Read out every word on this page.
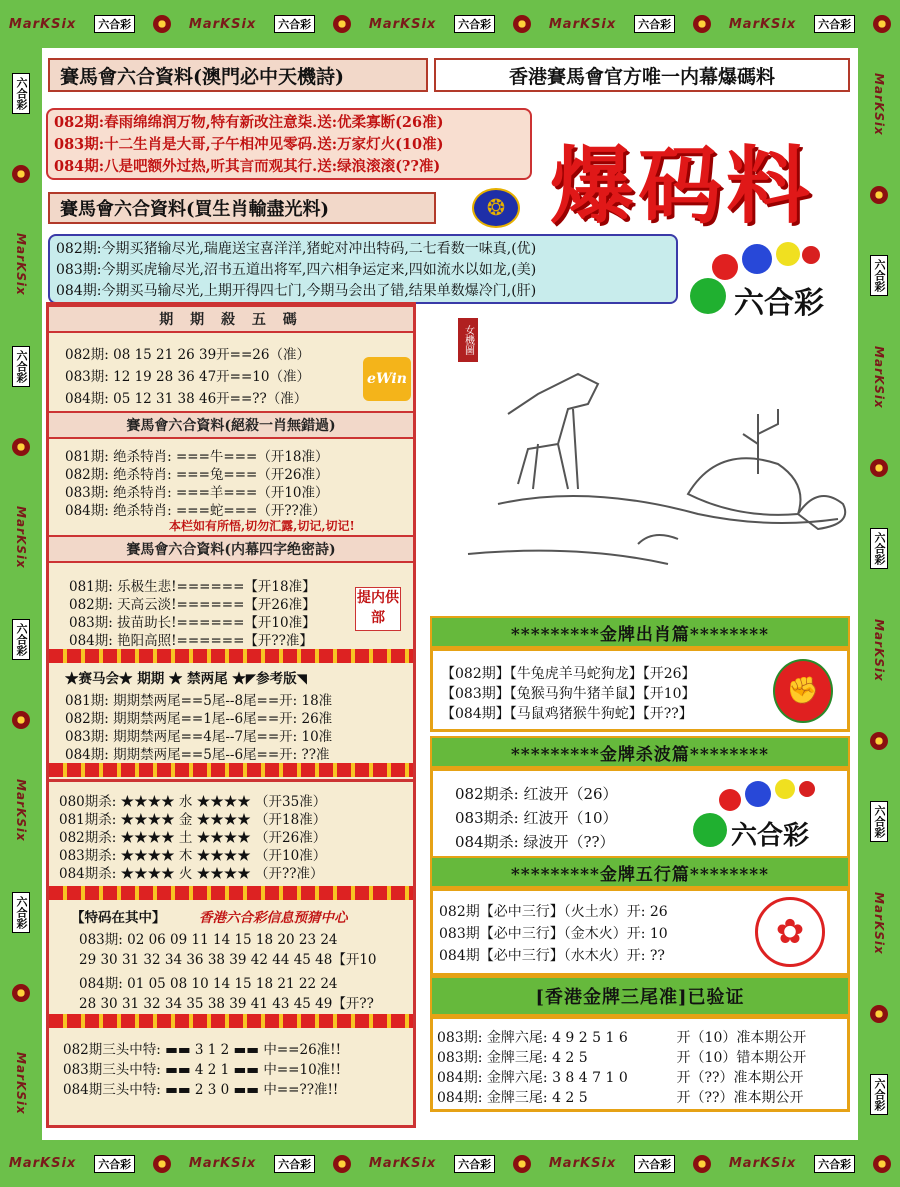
MarKSix	六合彩	MarKSix	六合彩	MarKSix	六合彩	MarKSix	六合彩	MarKSix	六合彩
MarKSix	六合彩	MarKSix	六合彩	MarKSix	六合彩	MarKSix	六合彩	MarKSix	六合彩
六合彩
MarKSix
六合彩
MarKSix
六合彩
MarKSix
六合彩
MarKSix
MarKSix
六合彩
MarKSix
六合彩
MarKSix
六合彩
MarKSix
六合彩
賽馬會六合資料(澳門必中天機詩)	香港賽馬會官方唯一内幕爆碼料
082期:春雨绵绵润万物,特有新改注意柒.送:优柔寡断(26准)
083期:十二生肖是大哥,子午相冲见零码.送:万家灯火(10准)
084期:八是吧额外过热,听其言而观其行.送:绿浪滚滚(??准)
賽馬會六合資料(買生肖輸盡光料)	❂ 爆码料
082期:今期买猪输尽光,瑞鹿送宝喜洋洋,猪蛇对冲出特码,二七看数一味真,(优)
083期:今期买虎输尽光,沼书五道出将军,四六相争运定来,四如流水以如龙,(美)
084期:今期买马输尽光,上期开得四七门,今期马会出了错,结果单数爆冷门,(肝)	六合彩
期 期 殺 五 碼
082期: 08 15 21 26 39开==26（准）
083期: 12 19 28 36 47开==10（准）
084期: 05 12 31 38 46开==??（准）
eWin
賽馬會六合資料(絕殺一肖無錯過)
081期: 绝杀特肖: ===牛===（开18准）
082期: 绝杀特肖: ===兔===（开26准）
083期: 绝杀特肖: ===羊===（开10准）
084期: 绝杀特肖: ===蛇===（开??准）
本栏如有所悟,切勿汇露,切记,切记!
賽馬會六合資料(内幕四字绝密詩)
081期: 乐极生悲!======【开18准】
082期: 天高云淡!======【开26准】
083期: 拔苗助长!======【开10准】
084期: 艳阳高照!======【开??准】
提内供部
★赛马会★ 期期 ★ 禁两尾 ★◤参考版◥
081期: 期期禁两尾==5尾--8尾==开: 18准
082期: 期期禁两尾==1尾--6尾==开: 26准
083期: 期期禁两尾==4尾--7尾==开: 10准
084期: 期期禁两尾==5尾--6尾==开: ??准
080期杀: ★★★★ 水 ★★★★ （开35准）
081期杀: ★★★★ 金 ★★★★ （开18准）
082期杀: ★★★★ 土 ★★★★ （开26准）
083期杀: ★★★★ 木 ★★★★ （开10准）
084期杀: ★★★★ 火 ★★★★ （开??准）
【特码在其中】 香港六合彩信息预猜中心
083期: 02 06 09 11 14 15 18 20 23 24
29 30 31 32 34 36 38 39 42 44 45 48【开10
084期: 01 05 08 10 14 15 18 21 22 24
28 30 31 32 34 35 38 39 41 43 45 49【开??
082期三头中特: ▬▬ 3 1 2 ▬▬ 中==26准!!
083期三头中特: ▬▬ 4 2 1 ▬▬ 中==10准!!
084期三头中特: ▬▬ 2 3 0 ▬▬ 中==??准!!
女機圖
*********金牌出肖篇********
【082期】【牛兔虎羊马蛇狗龙】【开26】
【083期】【兔猴马狗牛猪羊鼠】【开10】
【084期】【马鼠鸡猪猴牛狗蛇】【开??】
✊
*********金牌杀波篇********
082期杀: 红波开（26）
083期杀: 红波开（10）
084期杀: 绿波开（??）	六合彩
*********金牌五行篇********
082期【必中三行】（火土水）开: 26
083期【必中三行】（金木火）开: 10
084期【必中三行】（水木火）开: ??
✿
[香港金牌三尾准]已验证
083期: 金牌六尾: 4 9 2 5 1 6	开（10）准本期公开
083期: 金牌三尾: 4 2 5	开（10）错本期公开
084期: 金牌六尾: 3 8 4 7 1 0	开（??）准本期公开
084期: 金牌三尾: 4 2 5	开（??）准本期公开
